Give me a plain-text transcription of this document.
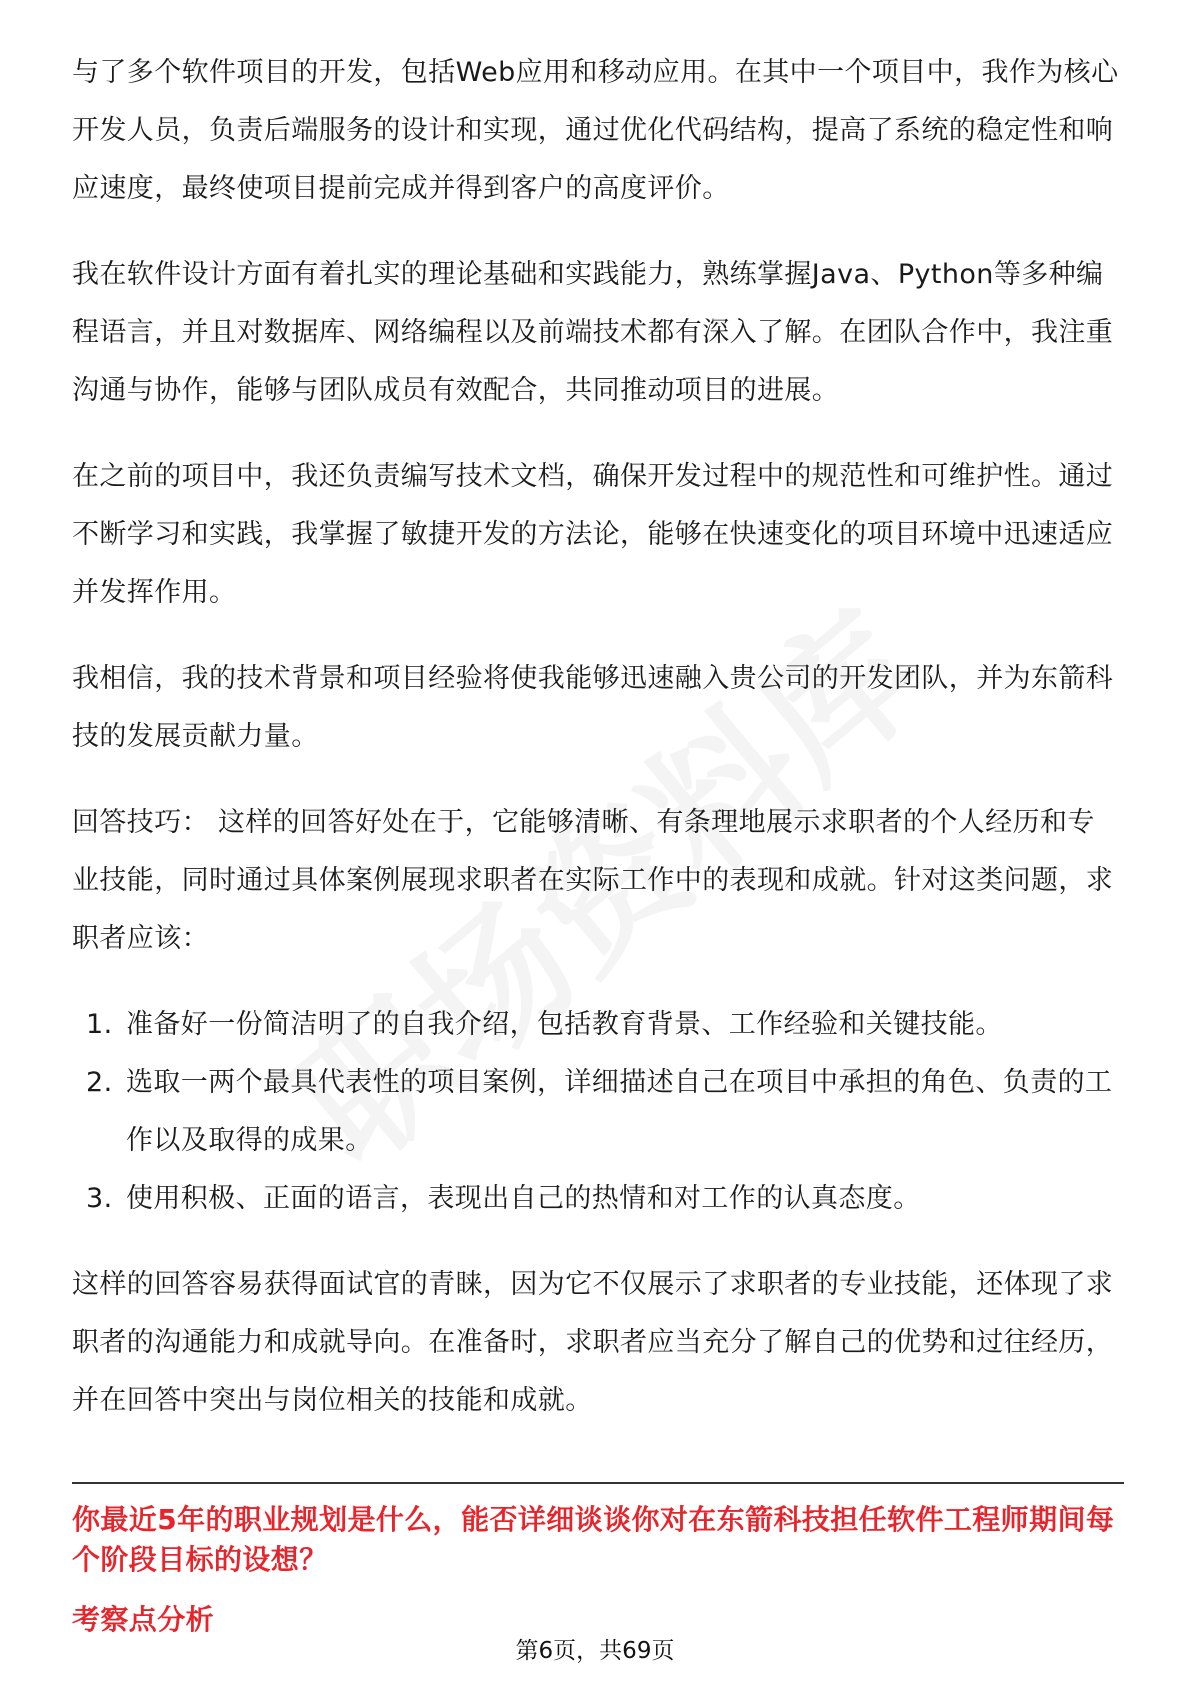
与了多个软件项目的开发，包括Web应用和移动应用。在其中一个项目中，我作为核心开发人员，负责后端服务的设计和实现，通过优化代码结构，提高了系统的稳定性和响应速度，最终使项目提前完成并得到客户的高度评价。

我在软件设计方面有着扎实的理论基础和实践能力，熟练掌握Java、Python等多种编程语言，并且对数据库、网络编程以及前端技术都有深入了解。在团队合作中，我注重沟通与协作，能够与团队成员有效配合，共同推动项目的进展。

在之前的项目中，我还负责编写技术文档，确保开发过程中的规范性和可维护性。通过不断学习和实践，我掌握了敏捷开发的方法论，能够在快速变化的项目环境中迅速适应并发挥作用。

我相信，我的技术背景和项目经验将使我能够迅速融入贵公司的开发团队，并为东箭科技的发展贡献力量。

回答技巧： 这样的回答好处在于，它能够清晰、有条理地展示求职者的个人经历和专业技能，同时通过具体案例展现求职者在实际工作中的表现和成就。针对这类问题，求职者应该：

1. 准备好一份简洁明了的自我介绍，包括教育背景、工作经验和关键技能。
2. 选取一两个最具代表性的项目案例，详细描述自己在项目中承担的角色、负责的工作以及取得的成果。
3. 使用积极、正面的语言，表现出自己的热情和对工作的认真态度。

这样的回答容易获得面试官的青睐，因为它不仅展示了求职者的专业技能，还体现了求职者的沟通能力和成就导向。在准备时，求职者应当充分了解自己的优势和过往经历，并在回答中突出与岗位相关的技能和成就。

你最近5年的职业规划是什么，能否详细谈谈你对在东箭科技担任软件工程师期间每个阶段目标的设想？
考察点分析
第6页，共69页
